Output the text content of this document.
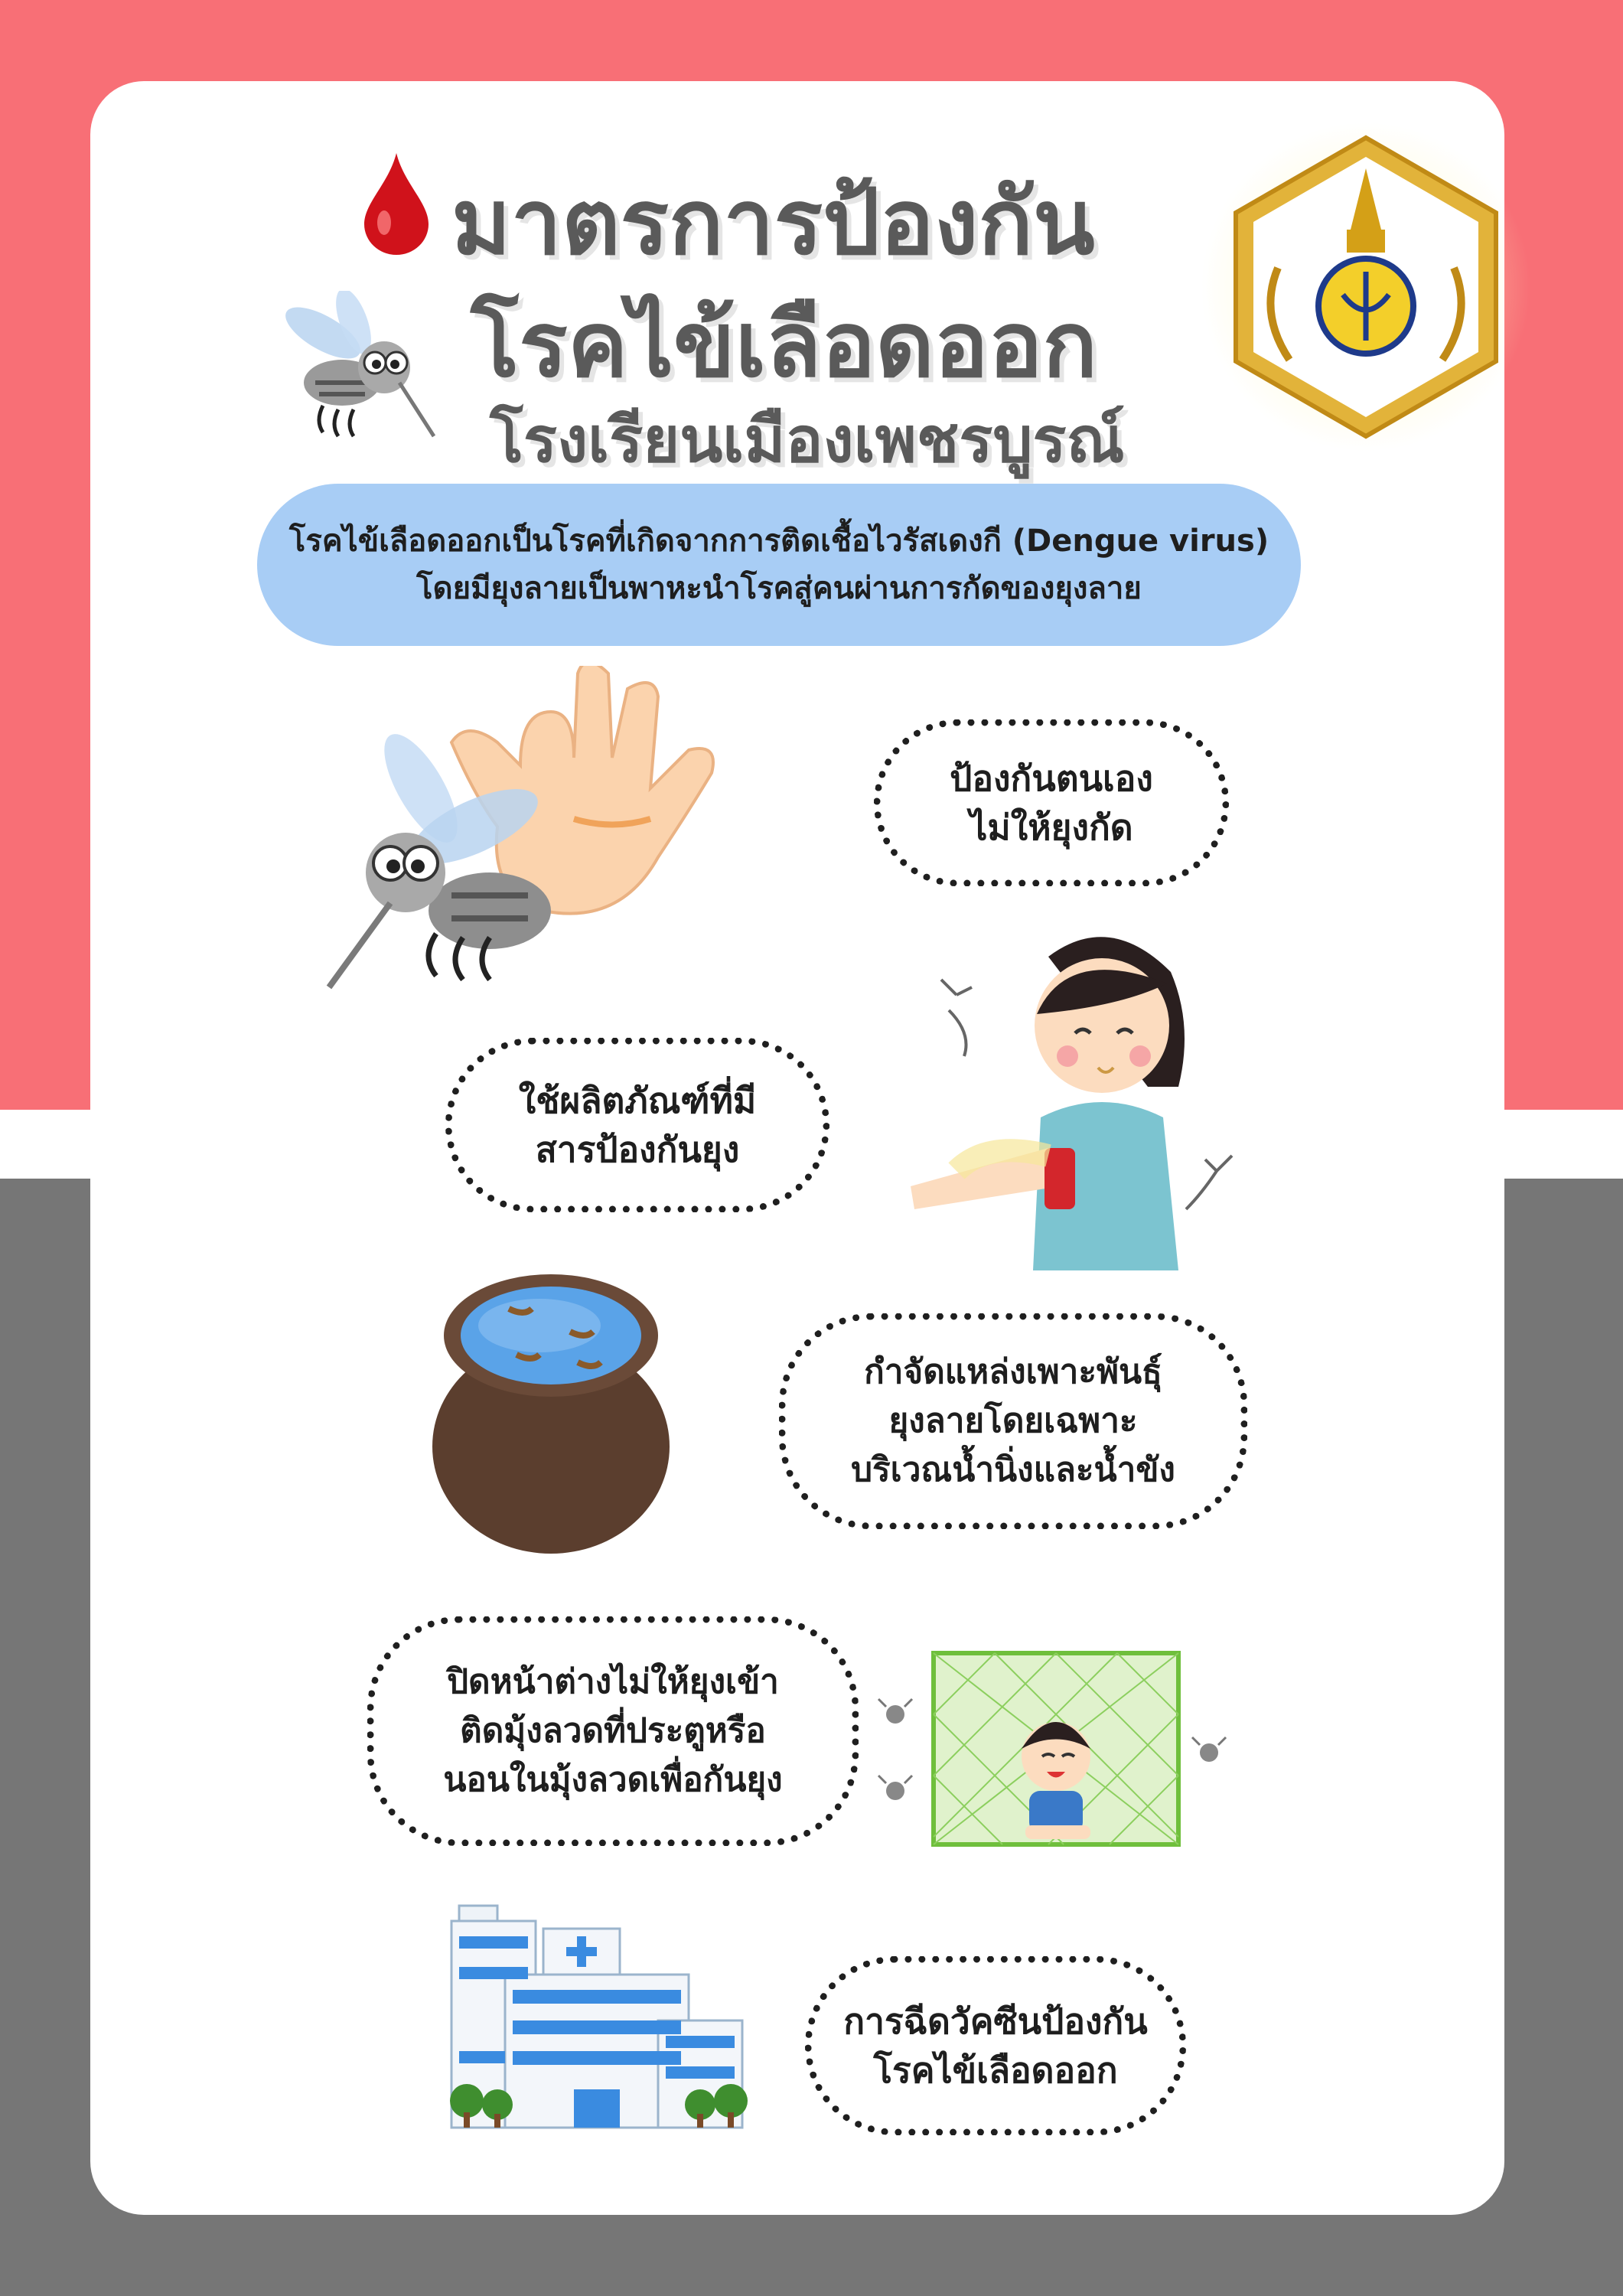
มาตรการป้องกัน
โรคไข้เลือดออก
โรงเรียนเมืองเพชรบูรณ์
โรคไข้เลือดออกเป็นโรคที่เกิดจากการติดเชื้อไวรัสเดงกี (Dengue virus)
โดยมียุงลายเป็นพาหะนำโรคสู่คนผ่านการกัดของยุงลาย
ป้องกันตนเอง
ไม่ให้ยุงกัด
ใช้ผลิตภัณฑ์ที่มี
สารป้องกันยุง
กำจัดแหล่งเพาะพันธุ์
ยุงลายโดยเฉพาะ
บริเวณน้ำนิ่งและน้ำขัง
ปิดหน้าต่างไม่ให้ยุงเข้า
ติดมุ้งลวดที่ประตูหรือ
นอนในมุ้งลวดเพื่อกันยุง
การฉีดวัคซีนป้องกัน
โรคไข้เลือดออก
